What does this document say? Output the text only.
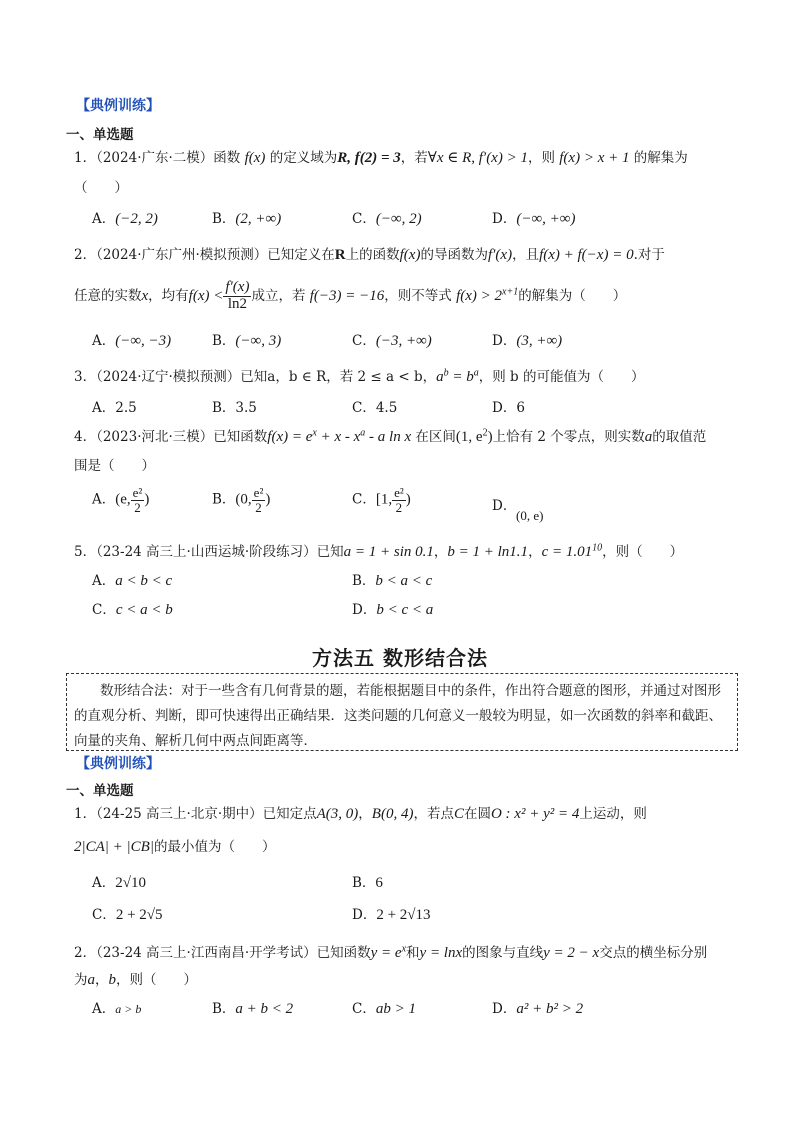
【典例训练】
一、单选题
1．（2024·广东·二模）函数 f(x) 的定义域为R, f(2) = 3，若∀x ∈ R, f′(x) > 1，则 f(x) > x + 1 的解集为
（　　）
A．(−2, 2)	B．(2, +∞)	C．(−∞, 2)	D．(−∞, +∞)
2．（2024·广东广州·模拟预测）已知定义在R上的函数f(x)的导函数为f′(x)，且f(x) + f(−x) = 0.对于
任意的实数x，均有$f(x) < \frac{f'(x)}{\ln 2}$ 成立，若 f(−3) = −16，则不等式 $f(x) > 2^{x+1}$的解集为（　　）
A．(−∞, −3)	B．(−∞, 3)	C．(−3, +∞)	D．(3, +∞)
3．（2024·辽宁·模拟预测）已知a，b ∈ R，若 2 ≤ a < b，$a^b = b^a$，则 b 的可能值为（　　）
A．2.5	B．3.5	C．4.5	D．6
4．（2023·河北·三模）已知函数$f(x) = e^x + x - x^a - a$ ln x 在区间(1, $e^2$)上恰有 2 个零点，则实数a的取值范
围是（　　）
A．(e, $\frac{\text{e²}}{2}$ )	B．(0, $\frac{\text{e²}}{2}$ )	C．[1, $\frac{\text{e²}}{2}$ )	D．
(0, e)
5．（23-24 高三上·山西运城·阶段练习）已知a = 1 + sin 0.1，b = 1 + ln1.1，$c = 1.01^{10}$，则（　　）
A．a < b < c	B．b < a < c
C．c < a < b	D．b < c < a
方法五 数形结合法
数形结合法：对于一些含有几何背景的题，若能根据题目中的条件，作出符合题意的图形，并通过对图形的直观分析、判断，即可快速得出正确结果．这类问题的几何意义一般较为明显，如一次函数的斜率和截距、向量的夹角、解析几何中两点间距离等．
【典例训练】
一、单选题
1．（24-25 高三上·北京·期中）已知定点A(3, 0)，B(0, 4)，若点C在圆O : x² + y² = 4上运动，则
2|CA| + |CB|的最小值为（　　）
A．2√10	B．6
C．2 + 2√5	D．2 + 2√13
2．（23-24 高三上·江西南昌·开学考试）已知函数$y = e^x$和y = lnx的图象与直线y = 2 − x交点的横坐标分别
为a，b，则（　　）
A．a > b	B．a + b < 2	C．ab > 1	D．a² + b² > 2
